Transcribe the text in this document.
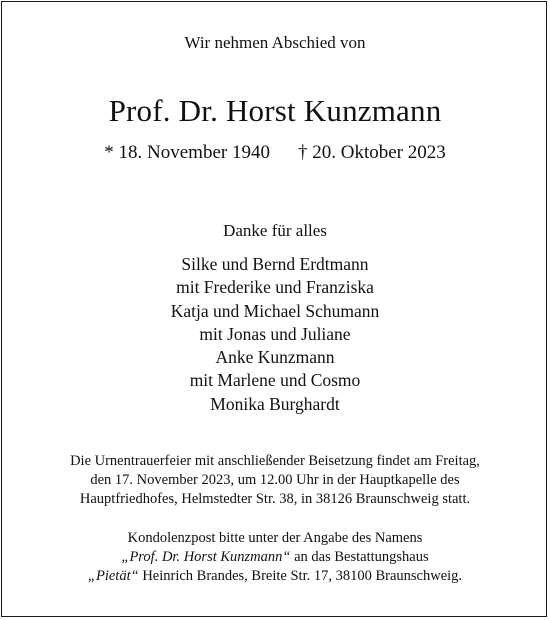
Wir nehmen Abschied von

Prof. Dr. Horst Kunzmann
* 18. November 1940 † 20. Oktober 2023

Danke für alles

Silke und Bernd Erdtmann
mit Frederike und Franziska
Katja und Michael Schumann
mit Jonas und Juliane
Anke Kunzmann
mit Marlene und Cosmo
Monika Burghardt
Die Urnentrauerfeier mit anschließender Beisetzung findet am Freitag,
den 17. November 2023, um 12.00 Uhr in der Hauptkapelle des
Hauptfriedhofes, Helmstedter Str. 38, in 38126 Braunschweig statt.
Kondolenzpost bitte unter der Angabe des Namens
„Prof. Dr. Horst Kunzmann“ an das Bestattungshaus
„Pietät“ Heinrich Brandes, Breite Str. 17, 38100 Braunschweig.
